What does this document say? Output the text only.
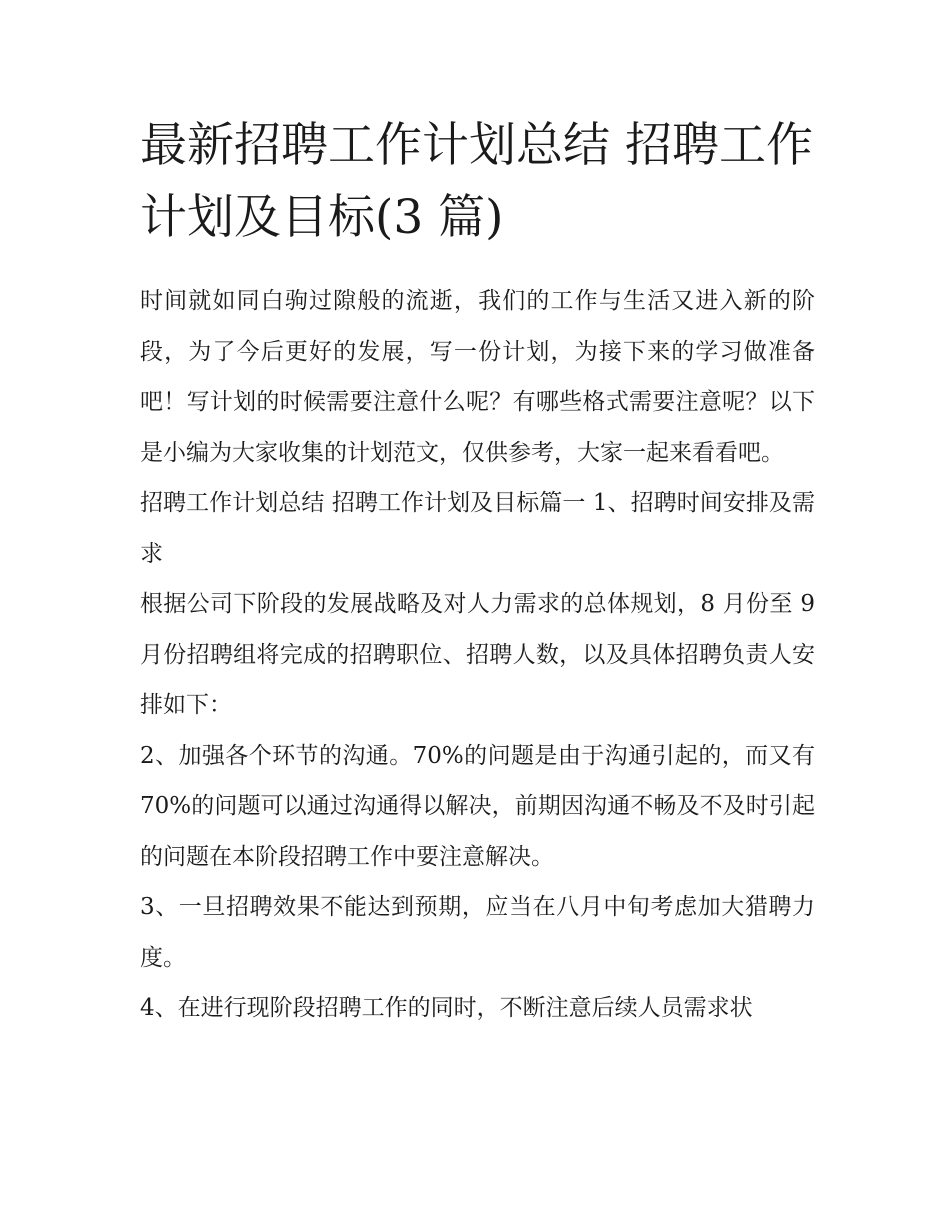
最新招聘工作计划总结 招聘工作计划及目标(3 篇)

时间就如同白驹过隙般的流逝，我们的工作与生活又进入新的阶段，为了今后更好的发展，写一份计划，为接下来的学习做准备吧！写计划的时候需要注意什么呢？有哪些格式需要注意呢？以下是小编为大家收集的计划范文，仅供参考，大家一起来看看吧。

招聘工作计划总结 招聘工作计划及目标篇一 1、招聘时间安排及需求

根据公司下阶段的发展战略及对人力需求的总体规划，8 月份至 9 月份招聘组将完成的招聘职位、招聘人数，以及具体招聘负责人安排如下：

2、加强各个环节的沟通。70%的问题是由于沟通引起的，而又有 70%的问题可以通过沟通得以解决，前期因沟通不畅及不及时引起的问题在本阶段招聘工作中要注意解决。

3、一旦招聘效果不能达到预期，应当在八月中旬考虑加大猎聘力度。

4、在进行现阶段招聘工作的同时，不断注意后续人员需求状
